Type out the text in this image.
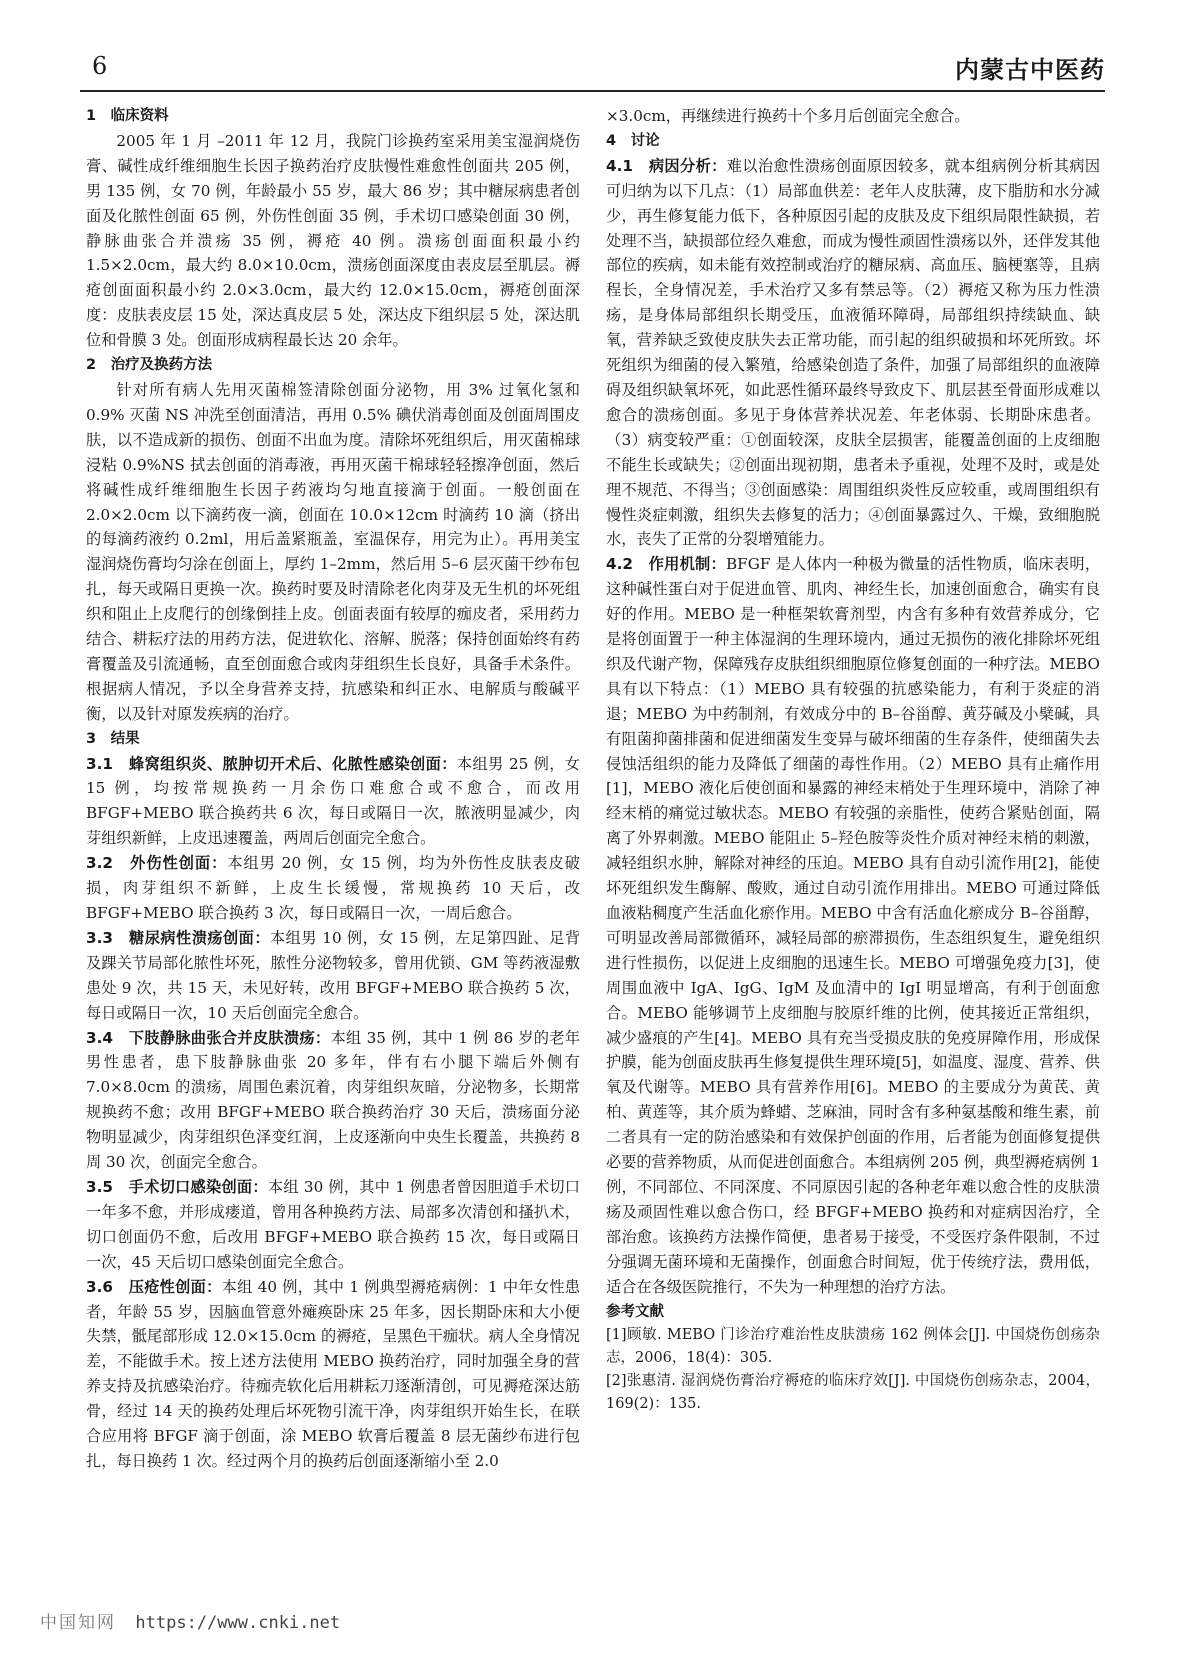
6	内蒙古中医药

1　临床资料

2005 年 1 月 –2011 年 12 月，我院门诊换药室采用美宝湿润烧伤膏、碱性成纤维细胞生长因子换药治疗皮肤慢性难愈性创面共 205 例，男 135 例，女 70 例，年龄最小 55 岁，最大 86 岁；其中糖尿病患者创面及化脓性创面 65 例，外伤性创面 35 例，手术切口感染创面 30 例，静脉曲张合并溃疡 35 例，褥疮 40 例。溃疡创面面积最小约 1.5×2.0cm，最大约 8.0×10.0cm，溃疡创面深度由表皮层至肌层。褥疮创面面积最小约 2.0×3.0cm，最大约 12.0×15.0cm，褥疮创面深度：皮肤表皮层 15 处，深达真皮层 5 处，深达皮下组织层 5 处，深达肌位和骨膜 3 处。创面形成病程最长达 20 余年。

2　治疗及换药方法

针对所有病人先用灭菌棉签清除创面分泌物，用 3% 过氧化氢和 0.9% 灭菌 NS 冲洗至创面清洁，再用 0.5% 碘伏消毒创面及创面周围皮肤，以不造成新的损伤、创面不出血为度。清除坏死组织后，用灭菌棉球浸粘 0.9%NS 拭去创面的消毒液，再用灭菌干棉球轻轻擦净创面，然后将碱性成纤维细胞生长因子药液均匀地直接滴于创面。一般创面在 2.0×2.0cm 以下滴药夜一滴，创面在 10.0×12cm 时滴药 10 滴（挤出的每滴药液约 0.2ml，用后盖紧瓶盖，室温保存，用完为止）。再用美宝湿润烧伤膏均匀涂在创面上，厚约 1–2mm，然后用 5–6 层灭菌干纱布包扎，每天或隔日更换一次。换药时要及时清除老化肉芽及无生机的坏死组织和阻止上皮爬行的创缘倒挂上皮。创面表面有较厚的痂皮者，采用药力结合、耕耘疗法的用药方法，促进软化、溶解、脱落；保持创面始终有药膏覆盖及引流通畅，直至创面愈合或肉芽组织生长良好，具备手术条件。根据病人情况，予以全身营养支持，抗感染和纠正水、电解质与酸碱平衡，以及针对原发疾病的治疗。

3　结果

3.1　蜂窝组织炎、脓肿切开术后、化脓性感染创面：本组男 25 例，女 15 例，均按常规换药一月余伤口难愈合或不愈合，而改用 BFGF+MEBO 联合换药共 6 次，每日或隔日一次，脓液明显减少，肉芽组织新鲜，上皮迅速覆盖，两周后创面完全愈合。

3.2　外伤性创面：本组男 20 例，女 15 例，均为外伤性皮肤表皮破损，肉芽组织不新鲜，上皮生长缓慢，常规换药 10 天后，改 BFGF+MEBO 联合换药 3 次，每日或隔日一次，一周后愈合。

3.3　糖尿病性溃疡创面：本组男 10 例，女 15 例，左足第四趾、足背及踝关节局部化脓性坏死，脓性分泌物较多，曾用优锁、GM 等药液湿敷患处 9 次，共 15 天，未见好转，改用 BFGF+MEBO 联合换药 5 次，每日或隔日一次，10 天后创面完全愈合。

3.4　下肢静脉曲张合并皮肤溃疡：本组 35 例，其中 1 例 86 岁的老年男性患者，患下肢静脉曲张 20 多年，伴有右小腿下端后外侧有 7.0×8.0cm 的溃疡，周围色素沉着，肉芽组织灰暗，分泌物多，长期常规换药不愈；改用 BFGF+MEBO 联合换药治疗 30 天后，溃疡面分泌物明显减少，肉芽组织色泽变红润，上皮逐渐向中央生长覆盖，共换药 8 周 30 次，创面完全愈合。

3.5　手术切口感染创面：本组 30 例，其中 1 例患者曾因胆道手术切口一年多不愈，并形成瘘道，曾用各种换药方法、局部多次清创和搔扒术，切口创面仍不愈，后改用 BFGF+MEBO 联合换药 15 次，每日或隔日一次，45 天后切口感染创面完全愈合。

3.6　压疮性创面：本组 40 例，其中 1 例典型褥疮病例：1 中年女性患者，年龄 55 岁，因脑血管意外瘫痪卧床 25 年多，因长期卧床和大小便失禁，骶尾部形成 12.0×15.0cm 的褥疮，呈黑色干痂状。病人全身情况差，不能做手术。按上述方法使用 MEBO 换药治疗，同时加强全身的营养支持及抗感染治疗。待痂壳软化后用耕耘刀逐渐清创，可见褥疮深达筋骨，经过 14 天的换药处理后坏死物引流干净，肉芽组织开始生长，在联合应用将 BFGF 滴于创面，涂 MEBO 软膏后覆盖 8 层无菌纱布进行包扎，每日换药 1 次。经过两个月的换药后创面逐渐缩小至 2.0

×3.0cm，再继续进行换药十个多月后创面完全愈合。

4　讨论

4.1　病因分析：难以治愈性溃疡创面原因较多，就本组病例分析其病因可归纳为以下几点：（1）局部血供差：老年人皮肤薄，皮下脂肪和水分减少，再生修复能力低下，各种原因引起的皮肤及皮下组织局限性缺损，若处理不当，缺损部位经久难愈，而成为慢性顽固性溃疡以外，还伴发其他部位的疾病，如未能有效控制或治疗的糖尿病、高血压、脑梗塞等，且病程长，全身情况差，手术治疗又多有禁忌等。（2）褥疮又称为压力性溃疡，是身体局部组织长期受压，血液循环障碍，局部组织持续缺血、缺氧，营养缺乏致使皮肤失去正常功能，而引起的组织破损和坏死所致。坏死组织为细菌的侵入繁殖，给感染创造了条件，加强了局部组织的血液障碍及组织缺氧坏死，如此恶性循环最终导致皮下、肌层甚至骨面形成难以愈合的溃疡创面。多见于身体营养状况差、年老体弱、长期卧床患者。（3）病变较严重：①创面较深，皮肤全层损害，能覆盖创面的上皮细胞不能生长或缺失；②创面出现初期，患者未予重视，处理不及时，或是处理不规范、不得当；③创面感染：周围组织炎性反应较重，或周围组织有慢性炎症刺激，组织失去修复的活力；④创面暴露过久、干燥，致细胞脱水，丧失了正常的分裂增殖能力。

4.2　作用机制：BFGF 是人体内一种极为微量的活性物质，临床表明，这种碱性蛋白对于促进血管、肌肉、神经生长，加速创面愈合，确实有良好的作用。MEBO 是一种框架软膏剂型，内含有多种有效营养成分，它是将创面置于一种主体湿润的生理环境内，通过无损伤的液化排除坏死组织及代谢产物，保障残存皮肤组织细胞原位修复创面的一种疗法。MEBO 具有以下特点：（1）MEBO 具有较强的抗感染能力，有利于炎症的消退；MEBO 为中药制剂，有效成分中的 B–谷甾醇、黄芬碱及小檗碱，具有阻菌抑菌排菌和促进细菌发生变异与破坏细菌的生存条件，使细菌失去侵蚀活组织的能力及降低了细菌的毒性作用。（2）MEBO 具有止痛作用[1]，MEBO 液化后使创面和暴露的神经末梢处于生理环境中，消除了神经末梢的痛觉过敏状态。MEBO 有较强的亲脂性，使药合紧贴创面，隔离了外界刺激。MEBO 能阻止 5–羟色胺等炎性介质对神经末梢的刺激，减轻组织水肿，解除对神经的压迫。MEBO 具有自动引流作用[2]，能使坏死组织发生酶解、酸败，通过自动引流作用排出。MEBO 可通过降低血液粘稠度产生活血化瘀作用。MEBO 中含有活血化瘀成分 B–谷甾醇，可明显改善局部微循环，减轻局部的瘀滞损伤，生态组织复生，避免组织进行性损伤，以促进上皮细胞的迅速生长。MEBO 可增强免疫力[3]，使周围血液中 IgA、IgG、IgM 及血清中的 IgI 明显增高，有利于创面愈合。MEBO 能够调节上皮细胞与胶原纤维的比例，使其接近正常组织，减少盛痕的产生[4]。MEBO 具有充当受损皮肤的免疫屏障作用，形成保护膜，能为创面皮肤再生修复提供生理环境[5]，如温度、湿度、营养、供氧及代谢等。MEBO 具有营养作用[6]。MEBO 的主要成分为黄芪、黄柏、黄莲等，其介质为蜂蜡、芝麻油，同时含有多种氨基酸和维生素，前二者具有一定的防治感染和有效保护创面的作用，后者能为创面修复提供必要的营养物质，从而促进创面愈合。本组病例 205 例，典型褥疮病例 1 例，不同部位、不同深度、不同原因引起的各种老年难以愈合性的皮肤溃疡及顽固性难以愈合伤口，经 BFGF+MEBO 换药和对症病因治疗，全部治愈。该换药方法操作简便，患者易于接受，不受医疗条件限制，不过分强调无菌环境和无菌操作，创面愈合时间短，优于传统疗法，费用低，适合在各级医院推行，不失为一种理想的治疗方法。

参考文献

[1]顾敏. MEBO 门诊治疗难治性皮肤溃疡 162 例体会[J]. 中国烧伤创疡杂志，2006，18(4)：305.

[2]张惠清. 湿润烧伤膏治疗褥疮的临床疗效[J]. 中国烧伤创疡杂志，2004，169(2)：135.

中国知网 https://www.cnki.net
